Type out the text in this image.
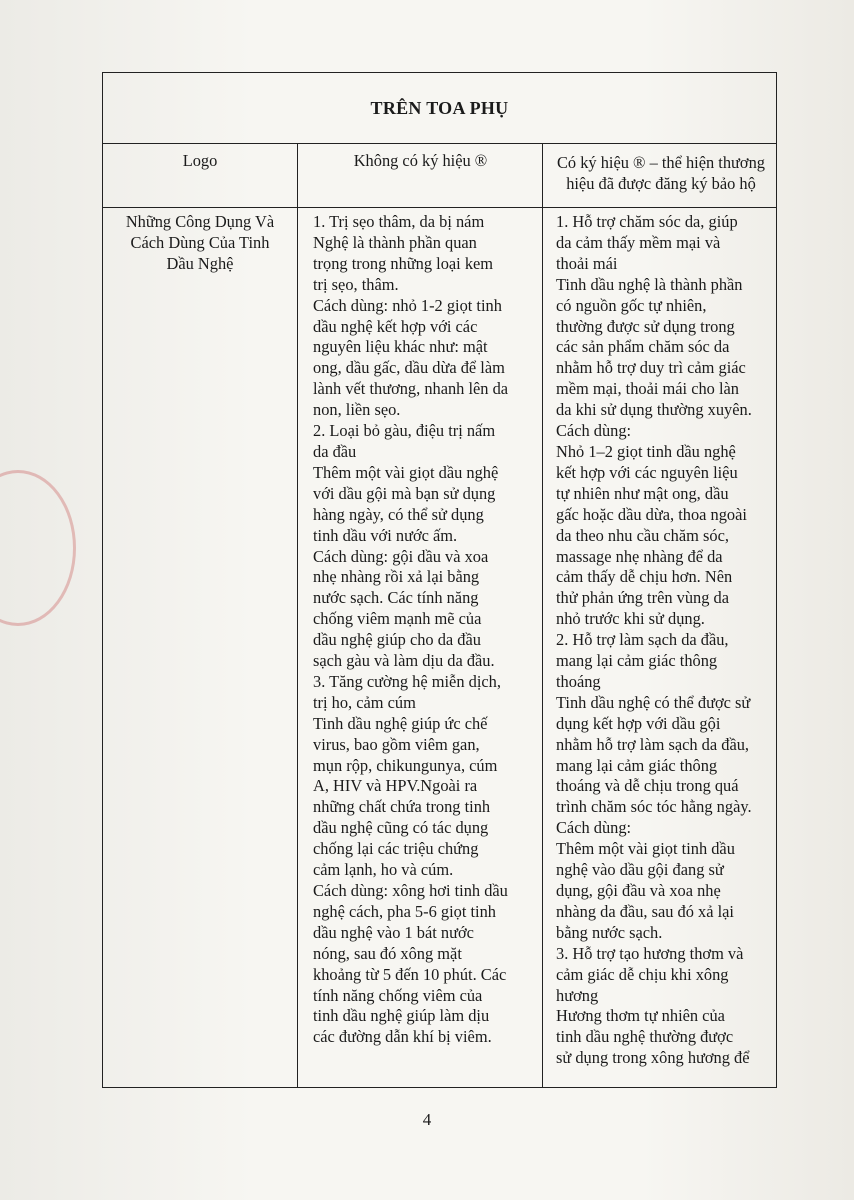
TRÊN TOA PHỤ
Logo	Không có ký hiệu ®	Có ký hiệu ® – thể hiện thương hiệu đã được đăng ký bảo hộ
Những Công Dụng Và
Cách Dùng Của Tinh
Dầu Nghệ
1. Trị sẹo thâm, da bị nám
Nghệ là thành phần quan
trọng trong những loại kem
trị sẹo, thâm.
Cách dùng: nhỏ 1-2 giọt tinh
dầu nghệ kết hợp với các
nguyên liệu khác như: mật
ong, dầu gấc, dầu dừa để làm
lành vết thương, nhanh lên da
non, liền sẹo.
2. Loại bỏ gàu, điệu trị nấm
da đầu
Thêm một vài giọt dầu nghệ
với dầu gội mà bạn sử dụng
hàng ngày, có thể sử dụng
tinh dầu với nước ấm.
Cách dùng: gội dầu và xoa
nhẹ nhàng rồi xả lại bằng
nước sạch. Các tính năng
chống viêm mạnh mẽ của
dầu nghệ giúp cho da đầu
sạch gàu và làm dịu da đầu.
3. Tăng cường hệ miễn dịch,
trị ho, cảm cúm
Tinh dầu nghệ giúp ức chế
virus, bao gồm viêm gan,
mụn rộp, chikungunya, cúm
A, HIV và HPV.Ngoài ra
những chất chứa trong tinh
dầu nghệ cũng có tác dụng
chống lại các triệu chứng
cảm lạnh, ho và cúm.
Cách dùng: xông hơi tinh dầu
nghệ cách, pha 5-6 giọt tinh
dầu nghệ vào 1 bát nước
nóng, sau đó xông mặt
khoảng từ 5 đến 10 phút. Các
tính năng chống viêm của
tinh dầu nghệ giúp làm dịu
các đường dẫn khí bị viêm.
1. Hỗ trợ chăm sóc da, giúp
da cảm thấy mềm mại và
thoải mái
Tinh dầu nghệ là thành phần
có nguồn gốc tự nhiên,
thường được sử dụng trong
các sản phẩm chăm sóc da
nhằm hỗ trợ duy trì cảm giác
mềm mại, thoải mái cho làn
da khi sử dụng thường xuyên.
Cách dùng:
Nhỏ 1–2 giọt tinh dầu nghệ
kết hợp với các nguyên liệu
tự nhiên như mật ong, dầu
gấc hoặc dầu dừa, thoa ngoài
da theo nhu cầu chăm sóc,
massage nhẹ nhàng để da
cảm thấy dễ chịu hơn. Nên
thử phản ứng trên vùng da
nhỏ trước khi sử dụng.
2. Hỗ trợ làm sạch da đầu,
mang lại cảm giác thông
thoáng
Tinh dầu nghệ có thể được sử
dụng kết hợp với dầu gội
nhằm hỗ trợ làm sạch da đầu,
mang lại cảm giác thông
thoáng và dễ chịu trong quá
trình chăm sóc tóc hằng ngày.
Cách dùng:
Thêm một vài giọt tinh dầu
nghệ vào dầu gội đang sử
dụng, gội đầu và xoa nhẹ
nhàng da đầu, sau đó xả lại
bằng nước sạch.
3. Hỗ trợ tạo hương thơm và
cảm giác dễ chịu khi xông
hương
Hương thơm tự nhiên của
tinh dầu nghệ thường được
sử dụng trong xông hương để
4
